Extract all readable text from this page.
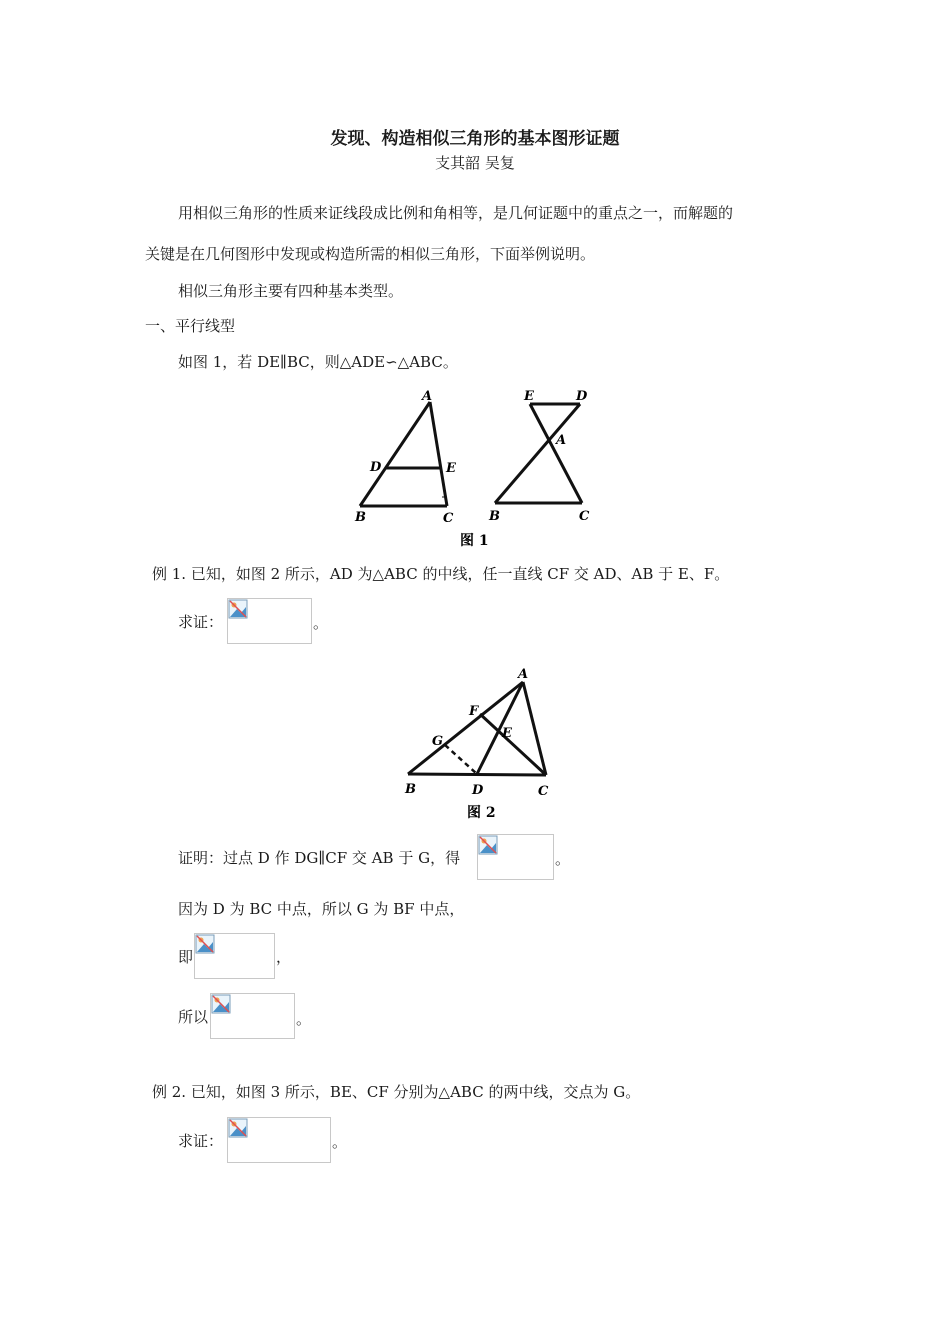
发现、构造相似三角形的基本图形证题
支其韶 吴复
用相似三角形的性质来证线段成比例和角相等，是几何证题中的重点之一，而解题的
关键是在几何图形中发现或构造所需的相似三角形，下面举例说明。
相似三角形主要有四种基本类型。
一、平行线型
如图 1，若 DE∥BC，则△ADE∽△ABC。
A
D	E
B	C
E	D
A
B	C
图 1
例 1. 已知，如图 2 所示，AD 为△ABC 的中线，任一直线 CF 交 AD、AB 于 E、F。
求证：	。
A
F
E
G
B	D	C
图 2
证明：过点 D 作 DG∥CF 交 AB 于 G，得	。
因为 D 为 BC 中点，所以 G 为 BF 中点，
即	，
所以	。
例 2. 已知，如图 3 所示，BE、CF 分别为△ABC 的两中线，交点为 G。
求证：	。
